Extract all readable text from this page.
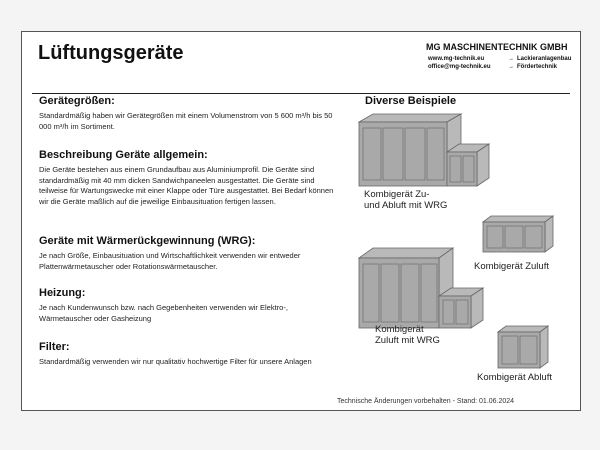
Lüftungsgeräte	MG MASCHINENTECHNIK GMBH
www.mg-technik.eu
office@mg-technik.eu
→ Lackieranlagenbau
→ Fördertechnik
Gerätegrößen:

Standardmäßig haben wir Gerätegrößen mit einem Volumenstrom von 5 600 m³/h bis 50 000 m³/h im Sortiment.

Beschreibung Geräte allgemein:

Die Geräte bestehen aus einem Grundaufbau aus Aluminiumprofil. Die Geräte sind standardmäßig mit 40 mm dicken Sandwichpaneelen ausgestattet. Die Geräte sind teilweise für Wartungswecke mit einer Klappe oder Türe ausgestattet. Bei Bedarf können wir die Geräte maßlich auf die jeweilige Einbausituation fertigen lassen.

Geräte mit Wärmerückgewinnung (WRG):

Je nach Größe, Einbausituation und Wirtschaftlichkeit verwenden wir entweder Plattenwärmetauscher oder Rotationswärmetauscher.

Heizung:

Je nach Kundenwunsch bzw. nach Gegebenheiten verwenden wir Elektro-, Wärmetauscher oder Gasheizung

Filter:

Standardmäßig verwenden wir nur qualitativ hochwertige Filter für unsere Anlagen

Diverse Beispiele
Kombigerät Zu-
und Abluft mit WRG
Kombigerät Zuluft
Kombigerät
Zuluft mit WRG
Kombigerät Abluft
Technische Änderungen vorbehalten - Stand: 01.06.2024
